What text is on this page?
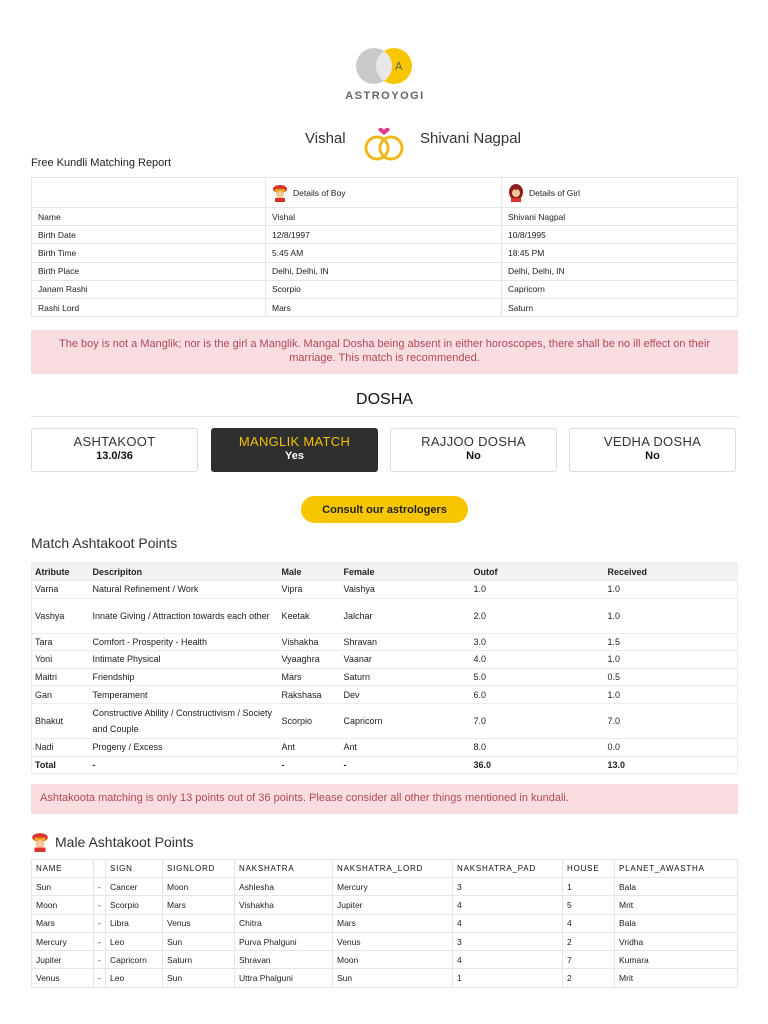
A
ASTROYOGI
Vishal	Shivani Nagpal
Free Kundli Matching Report

	Details of Boy	Details of Girl

Name	Vishal	Shivani Nagpal
Birth Date	12/8/1997	10/8/1995
Birth Time	5:45 AM	18:45 PM
Birth Place	Delhi, Delhi, IN	Delhi, Delhi, IN
Janam Rashi	Scorpio	Capricorn
Rashi Lord	Mars	Saturn
The boy is not a Manglik; nor is the girl a Manglik. Mangal Dosha being absent in either horoscopes, there shall be no ill effect on their marriage. This match is recommended.
DOSHA
ASHTAKOOT
13.0/36
MANGLIK MATCH
Yes
RAJJOO DOSHA
No
VEDHA DOSHA
No
Consult our astrologers
Match Ashtakoot Points
Atribute	Descripiton	Male	Female	Outof	Received
Varna	Natural Refinement / Work	Vipra	Vaishya	1.0	1.0
Vashya	Innate Giving / Attraction towards each other	Keetak	Jalchar	2.0	1.0
Tara	Comfort - Prosperity - Health	Vishakha	Shravan	3.0	1.5
Yoni	Intimate Physical	Vyaaghra	Vaanar	4.0	1.0
Maitri	Friendship	Mars	Saturn	5.0	0.5
Gan	Temperament	Rakshasa	Dev	6.0	1.0
Bhakut	Constructive Ability / Constructivism / Society and Couple	Scorpio	Capricorn	7.0	7.0
Nadi	Progeny / Excess	Ant	Ant	8.0	0.0
Total	-	-	-	36.0	13.0
Ashtakoota matching is only 13 points out of 36 points. Please consider all other things mentioned in kundali.
Male Ashtakoot Points
NAME		SIGN	SIGNLORD	NAKSHATRA	NAKSHATRA_LORD	NAKSHATRA_PAD	HOUSE	PLANET_AWASTHA
Sun	-	Cancer	Moon	Ashlesha	Mercury	3	1	Bala
Moon	-	Scorpio	Mars	Vishakha	Jupiter	4	5	Mrit
Mars	-	Libra	Venus	Chitra	Mars	4	4	Bala
Mercury	-	Leo	Sun	Purva Phalguni	Venus	3	2	Vridha
Jupiter	-	Capricorn	Saturn	Shravan	Moon	4	7	Kumara
Venus	-	Leo	Sun	Uttra Phalguni	Sun	1	2	Mrit
